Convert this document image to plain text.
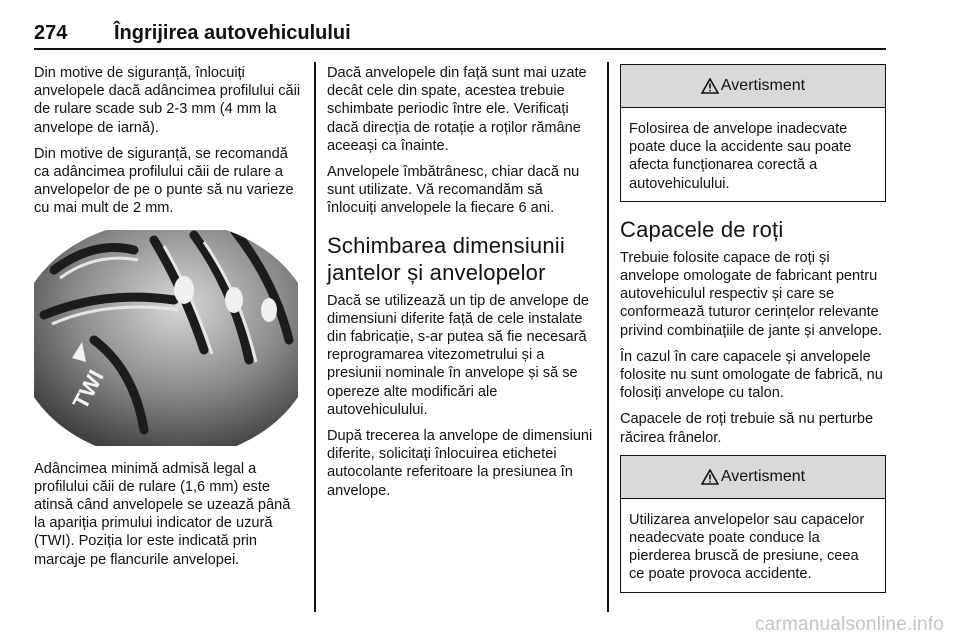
274 Îngrijirea autovehiculului

Din motive de siguranță, înlocuiți anvelopele dacă adâncimea profilului căii de rulare scade sub 2-3 mm (4 mm la anvelope de iarnă).

Din motive de siguranță, se recomandă ca adâncimea profilului căii de rulare a anvelopelor de pe o punte să nu varieze cu mai mult de 2 mm.

TWI

Adâncimea minimă admisă legal a profilului căii de rulare (1,6 mm) este atinsă când anvelopele se uzează până la apariția primului indicator de uzură (TWI). Poziția lor este indicată prin marcaje pe flancurile anvelopei.

Dacă anvelopele din față sunt mai uzate decât cele din spate, acestea trebuie schimbate periodic între ele. Verificați dacă direcția de rotație a roților rămâne aceeași ca înainte.

Anvelopele îmbătrânesc, chiar dacă nu sunt utilizate. Vă recomandăm să înlocuiți anvelopele la fiecare 6 ani.

Schimbarea dimensiunii jantelor și anvelopelor

Dacă se utilizează un tip de anvelope de dimensiuni diferite față de cele instalate din fabricație, s-ar putea să fie necesară reprogramarea vitezometrului și a presiunii nominale în anvelope și să se opereze alte modificări ale autovehiculului.

După trecerea la anvelope de dimensiuni diferite, solicitați înlocuirea etichetei autocolante referitoare la presiunea în anvelope.

Avertisment
Folosirea de anvelope inadecvate poate duce la accidente sau poate afecta funcționarea corectă a autovehiculului.
Capacele de roți

Trebuie folosite capace de roți și anvelope omologate de fabricant pentru autovehiculul respectiv și care se conformează tuturor cerințelor relevante privind combinațiile de jante și anvelope.

În cazul în care capacele și anvelopele folosite nu sunt omologate de fabrică, nu folosiți anvelope cu talon.

Capacele de roți trebuie să nu perturbe răcirea frânelor.

Avertisment
Utilizarea anvelopelor sau capacelor neadecvate poate conduce la pierderea bruscă de presiune, ceea ce poate provoca accidente.
carmanualsonline.info
